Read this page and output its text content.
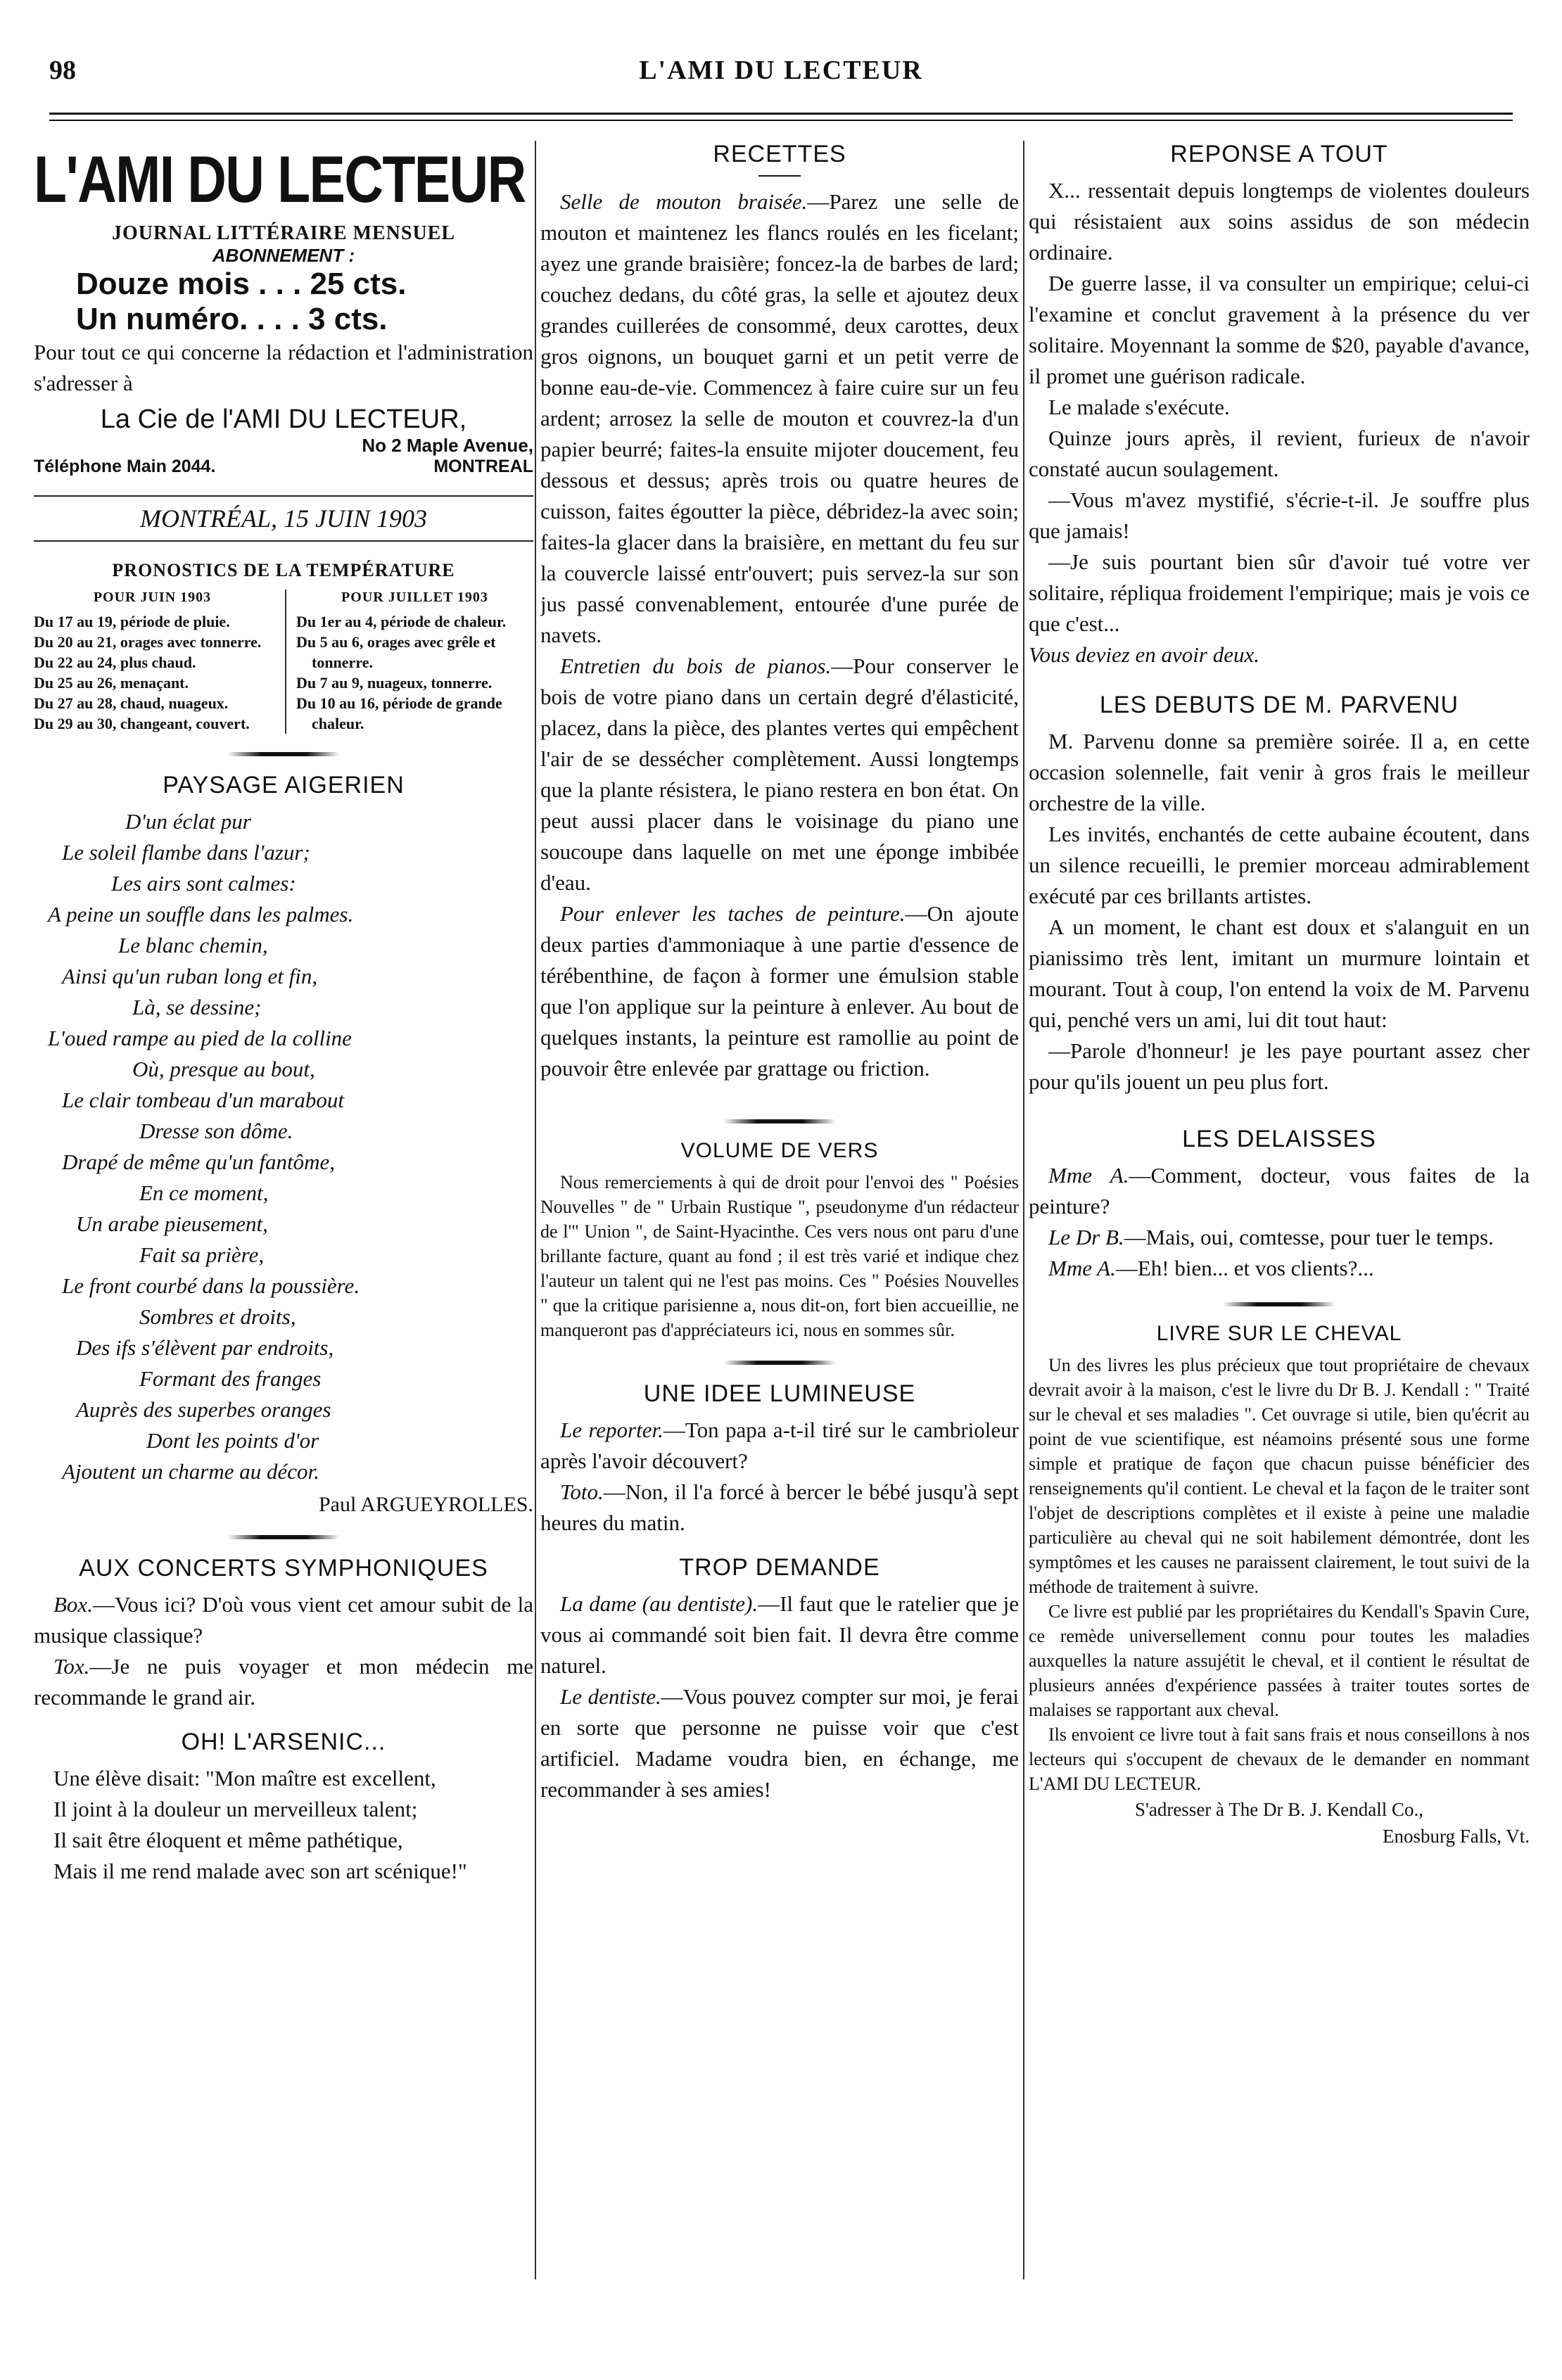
98	L'AMI DU LECTEUR
L'AMI DU LECTEUR
JOURNAL LITTÉRAIRE MENSUEL
ABONNEMENT :
Douze mois . . . 25 cts.
Un numéro. . . . 3 cts.

Pour tout ce qui concerne la rédaction et l'administration s'adresser à

La Cie de l'AMI DU LECTEUR,
No 2 Maple Avenue,
Téléphone Main 2044.	MONTREAL
MONTRÉAL, 15 JUIN 1903
PRONOSTICS DE LA TEMPÉRATURE
POUR JUIN 1903
Du 17 au 19, période de pluie.
Du 20 au 21, orages avec tonnerre.
Du 22 au 24, plus chaud.
Du 25 au 26, menaçant.
Du 27 au 28, chaud, nuageux.
Du 29 au 30, changeant, couvert.
POUR JUILLET 1903
Du 1er au 4, période de chaleur.
Du 5 au 6, orages avec grêle et tonnerre.
Du 7 au 9, nuageux, tonnerre.
Du 10 au 16, période de grande chaleur.
PAYSAGE AIGERIEN
D'un éclat pur
Le soleil flambe dans l'azur;
Les airs sont calmes:
A peine un souffle dans les palmes.
Le blanc chemin,
Ainsi qu'un ruban long et fin,
Là, se dessine;
L'oued rampe au pied de la colline
Où, presque au bout,
Le clair tombeau d'un marabout
Dresse son dôme.
Drapé de même qu'un fantôme,
En ce moment,
Un arabe pieusement,
Fait sa prière,
Le front courbé dans la poussière.
Sombres et droits,
Des ifs s'élèvent par endroits,
Formant des franges
Auprès des superbes oranges
Dont les points d'or
Ajoutent un charme au décor.
Paul ARGUEYROLLES.
AUX CONCERTS SYMPHONIQUES

Box.—Vous ici? D'où vous vient cet amour subit de la musique classique?

Tox.—Je ne puis voyager et mon médecin me recommande le grand air.

OH! L'ARSENIC...

Une élève disait: "Mon maître est excellent,

Il joint à la douleur un merveilleux talent;

Il sait être éloquent et même pathétique,

Mais il me rend malade avec son art scénique!"

RECETTES

Selle de mouton braisée.—Parez une selle de mouton et maintenez les flancs roulés en les ficelant; ayez une grande braisière; foncez-la de barbes de lard; couchez dedans, du côté gras, la selle et ajoutez deux grandes cuillerées de consommé, deux carottes, deux gros oignons, un bouquet garni et un petit verre de bonne eau-de-vie. Commencez à faire cuire sur un feu ardent; arrosez la selle de mouton et couvrez-la d'un papier beurré; faites-la ensuite mijoter doucement, feu dessous et dessus; après trois ou quatre heures de cuisson, faites égoutter la pièce, débridez-la avec soin; faites-la glacer dans la braisière, en mettant du feu sur la couvercle laissé entr'ouvert; puis servez-la sur son jus passé convenablement, entourée d'une purée de navets.

Entretien du bois de pianos.—Pour conserver le bois de votre piano dans un certain degré d'élasticité, placez, dans la pièce, des plantes vertes qui empêchent l'air de se dessécher complètement. Aussi longtemps que la plante résistera, le piano restera en bon état. On peut aussi placer dans le voisinage du piano une soucoupe dans laquelle on met une éponge imbibée d'eau.

Pour enlever les taches de peinture.—On ajoute deux parties d'ammoniaque à une partie d'essence de térébenthine, de façon à former une émulsion stable que l'on applique sur la peinture à enlever. Au bout de quelques instants, la peinture est ramollie au point de pouvoir être enlevée par grattage ou friction.

VOLUME DE VERS

Nous remerciements à qui de droit pour l'envoi des " Poésies Nouvelles " de " Urbain Rustique ", pseudonyme d'un rédacteur de l'" Union ", de Saint-Hyacinthe. Ces vers nous ont paru d'une brillante facture, quant au fond ; il est très varié et indique chez l'auteur un talent qui ne l'est pas moins. Ces " Poésies Nouvelles " que la critique parisienne a, nous dit-on, fort bien accueillie, ne manqueront pas d'appréciateurs ici, nous en sommes sûr.

UNE IDEE LUMINEUSE

Le reporter.—Ton papa a-t-il tiré sur le cambrioleur après l'avoir découvert?

Toto.—Non, il l'a forcé à bercer le bébé jusqu'à sept heures du matin.

TROP DEMANDE

La dame (au dentiste).—Il faut que le ratelier que je vous ai commandé soit bien fait. Il devra être comme naturel.

Le dentiste.—Vous pouvez compter sur moi, je ferai en sorte que personne ne puisse voir que c'est artificiel. Madame voudra bien, en échange, me recommander à ses amies!

REPONSE A TOUT

X... ressentait depuis longtemps de violentes douleurs qui résistaient aux soins assidus de son médecin ordinaire.

De guerre lasse, il va consulter un empirique; celui-ci l'examine et conclut gravement à la présence du ver solitaire. Moyennant la somme de $20, payable d'avance, il promet une guérison radicale.

Le malade s'exécute.

Quinze jours après, il revient, furieux de n'avoir constaté aucun soulagement.

—Vous m'avez mystifié, s'écrie-t-il. Je souffre plus que jamais!

—Je suis pourtant bien sûr d'avoir tué votre ver solitaire, répliqua froidement l'empirique; mais je vois ce que c'est...

Vous deviez en avoir deux.

LES DEBUTS DE M. PARVENU

M. Parvenu donne sa première soirée. Il a, en cette occasion solennelle, fait venir à gros frais le meilleur orchestre de la ville.

Les invités, enchantés de cette aubaine écoutent, dans un silence recueilli, le premier morceau admirablement exécuté par ces brillants artistes.

A un moment, le chant est doux et s'alanguit en un pianissimo très lent, imitant un murmure lointain et mourant. Tout à coup, l'on entend la voix de M. Parvenu qui, penché vers un ami, lui dit tout haut:

—Parole d'honneur! je les paye pourtant assez cher pour qu'ils jouent un peu plus fort.

LES DELAISSES

Mme A.—Comment, docteur, vous faites de la peinture?

Le Dr B.—Mais, oui, comtesse, pour tuer le temps.

Mme A.—Eh! bien... et vos clients?...

LIVRE SUR LE CHEVAL

Un des livres les plus précieux que tout propriétaire de chevaux devrait avoir à la maison, c'est le livre du Dr B. J. Kendall : " Traité sur le cheval et ses maladies ". Cet ouvrage si utile, bien qu'écrit au point de vue scientifique, est néamoins présenté sous une forme simple et pratique de façon que chacun puisse bénéficier des renseignements qu'il contient. Le cheval et la façon de le traiter sont l'objet de descriptions complètes et il existe à peine une maladie particulière au cheval qui ne soit habilement démontrée, dont les symptômes et les causes ne paraissent clairement, le tout suivi de la méthode de traitement à suivre.

Ce livre est publié par les propriétaires du Kendall's Spavin Cure, ce remède universellement connu pour toutes les maladies auxquelles la nature assujétit le cheval, et il contient le résultat de plusieurs années d'expérience passées à traiter toutes sortes de malaises se rapportant aux cheval.

Ils envoient ce livre tout à fait sans frais et nous conseillons à nos lecteurs qui s'occupent de chevaux de le demander en nommant L'AMI DU LECTEUR.

S'adresser à The Dr B. J. Kendall Co.,
Enosburg Falls, Vt.
